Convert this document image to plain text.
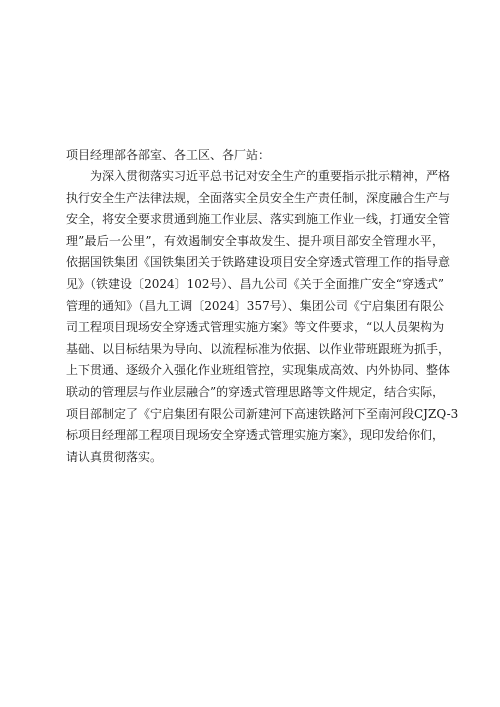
项目经理部各部室、各工区、各厂站：

为深入贯彻落实习近平总书记对安全生产的重要指示批示精神，严格

执行安全生产法律法规，全面落实全员安全生产责任制，深度融合生产与

安全，将安全要求贯通到施工作业层、落实到施工作业一线，打通安全管

理”最后一公里”，有效遏制安全事故发生、提升项目部安全管理水平，

依据国铁集团《国铁集团关于铁路建设项目安全穿透式管理工作的指导意

见》（铁建设〔2024〕102号）、昌九公司《关于全面推广安全“穿透式”

管理的通知》（昌九工调〔2024〕357号）、集团公司《宁启集团有限公

司工程项目现场安全穿透式管理实施方案》等文件要求，“以人员架构为

基础、以目标结果为导向、以流程标准为依据、以作业带班跟班为抓手，

上下贯通、逐级介入强化作业班组管控，实现集成高效、内外协同、整体

联动的管理层与作业层融合”的穿透式管理思路等文件规定，结合实际，

项目部制定了《宁启集团有限公司新建河下高速铁路河下至南河段CJZQ-3

标项目经理部工程项目现场安全穿透式管理实施方案》，现印发给你们，

请认真贯彻落实。
